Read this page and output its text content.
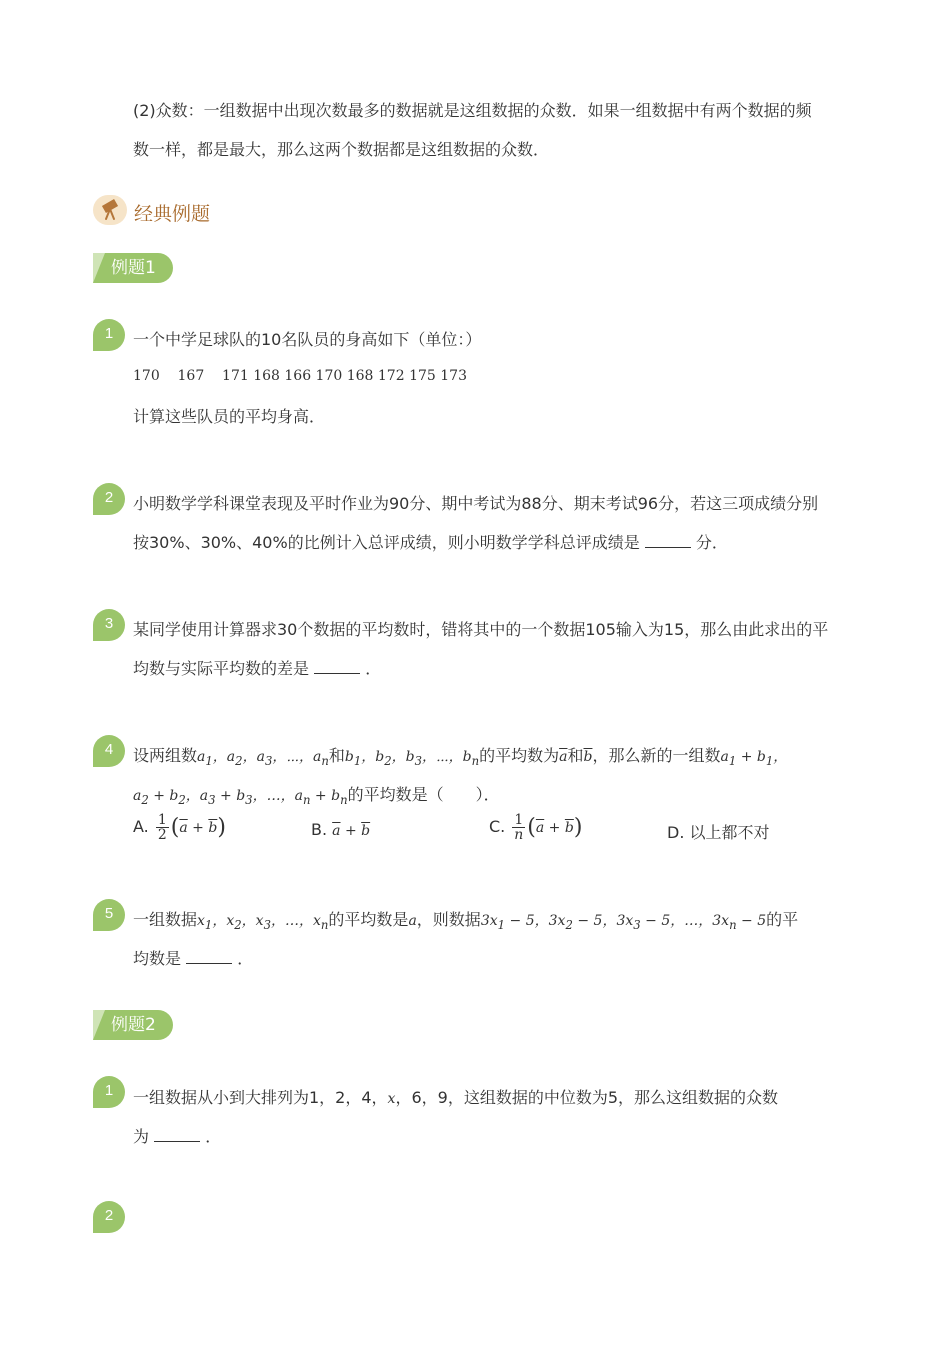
(2)众数：一组数据中出现次数最多的数据就是这组数据的众数．如果一组数据中有两个数据的频
数一样，都是最大，那么这两个数据都是这组数据的众数．
经典例题
例题1
1	一个中学足球队的10名队员的身高如下（单位：）
170    167    171 168 166 170 168 172 175 173
计算这些队员的平均身高．
2	小明数学学科课堂表现及平时作业为90分、期中考试为88分、期末考试96分，若这三项成绩分别
按30%、30%、40%的比例计入总评成绩，则小明数学学科总评成绩是	分．
3	某同学使用计算器求30个数据的平均数时，错将其中的一个数据105输入为15，那么由此求出的平
均数与实际平均数的差是	．
4	设两组数$a_1$，$a_2$，$a_3$，⋯，$a_n$和$b_1$，$b_2$，$b_3$，⋯，$b_n$的平均数为$\overline{a}$和$\overline{b}$，那么新的一组数$a_1 + b_1$，
$a_2 + b_2$，$a_3 + b_3$，…，$a_n + b_n$的平均数是（　　）．
A. $\frac{1}{2} (\overline{a} + \overline{b})$	B. $\overline{a} + \overline{b}$	C. $\frac{1}{n} (\overline{a} + \overline{b})$	D. 以上都不对
5	一组数据$x_1$，$x_2$，$x_3$，…，$x_n$的平均数是a，则数据$3x_1 - 5$，$3x_2 - 5$，$3x_3 - 5$，…，$3x_n - 5$的平
均数是	．
例题2
1	一组数据从小到大排列为1，2，4，x，6，9，这组数据的中位数为5，那么这组数据的众数
为	．
2
